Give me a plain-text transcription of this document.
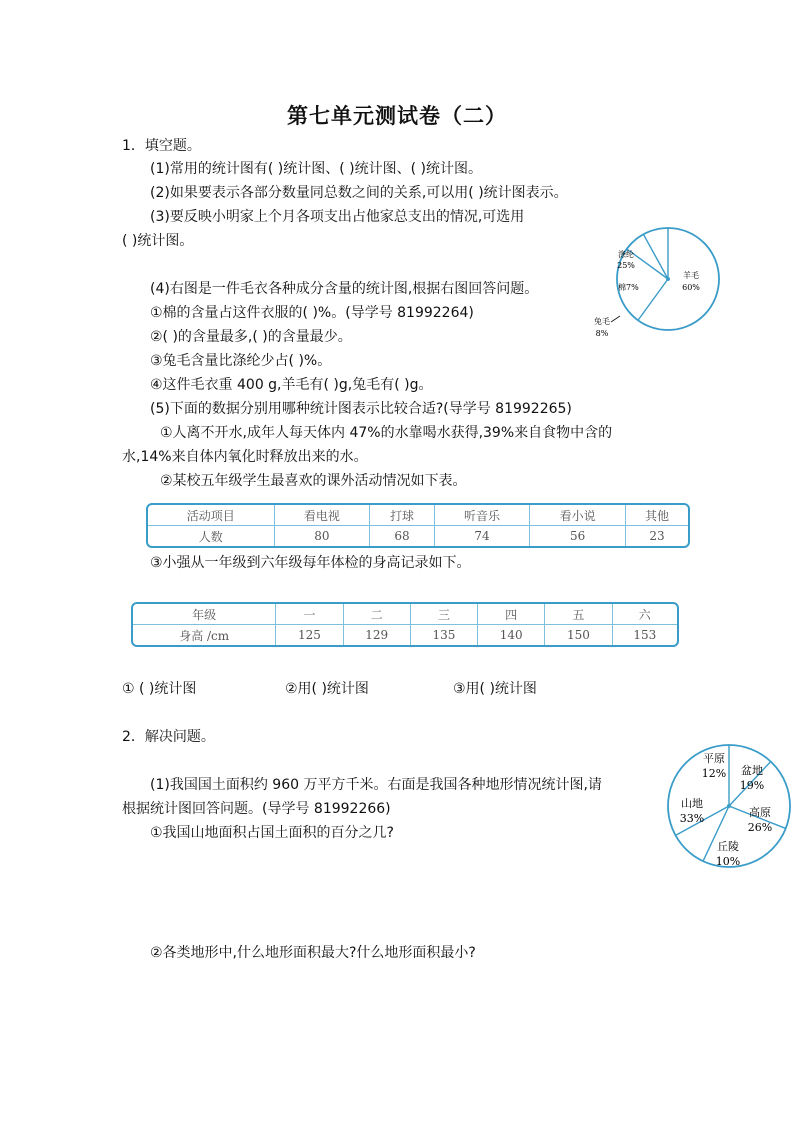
第七单元测试卷（二）
1．填空题。
(1)常用的统计图有( )统计图、( )统计图、( )统计图。
(2)如果要表示各部分数量同总数之间的关系,可以用( )统计图表示。
(3)要反映小明家上个月各项支出占他家总支出的情况,可选用
( )统计图。
(4)右图是一件毛衣各种成分含量的统计图,根据右图回答问题。
①棉的含量占这件衣服的( )%。(导学号 81992264)
②( )的含量最多,( )的含量最少。
③兔毛含量比涤纶少占( )%。
④这件毛衣重 400 g,羊毛有( )g,兔毛有( )g。
(5)下面的数据分别用哪种统计图表示比较合适?(导学号 81992265)
①人离不开水,成年人每天体内 47%的水靠喝水获得,39%来自食物中含的
水,14%来自体内氧化时释放出来的水。
②某校五年级学生最喜欢的课外活动情况如下表。
活动项目	看电视	打球	听音乐	看小说	其他
人数	80	68	74	56	23
③小强从一年级到六年级每年体检的身高记录如下。
年级	一	二	三	四	五	六
身高 /cm	125	129	135	140	150	153
① ( )统计图	②用( )统计图	③用( )统计图
2．解决问题。
(1)我国国土面积约 960 万平方千米。右面是我国各种地形情况统计图,请
根据统计图回答问题。(导学号 81992266)
①我国山地面积占国土面积的百分之几?
②各类地形中,什么地形面积最大?什么地形面积最小?
涤纶
25%
羊毛
60%
棉7%
兔毛
8%
平原
12% 盆地
19%
高原
26%
丘陵
10%
山地
33%
